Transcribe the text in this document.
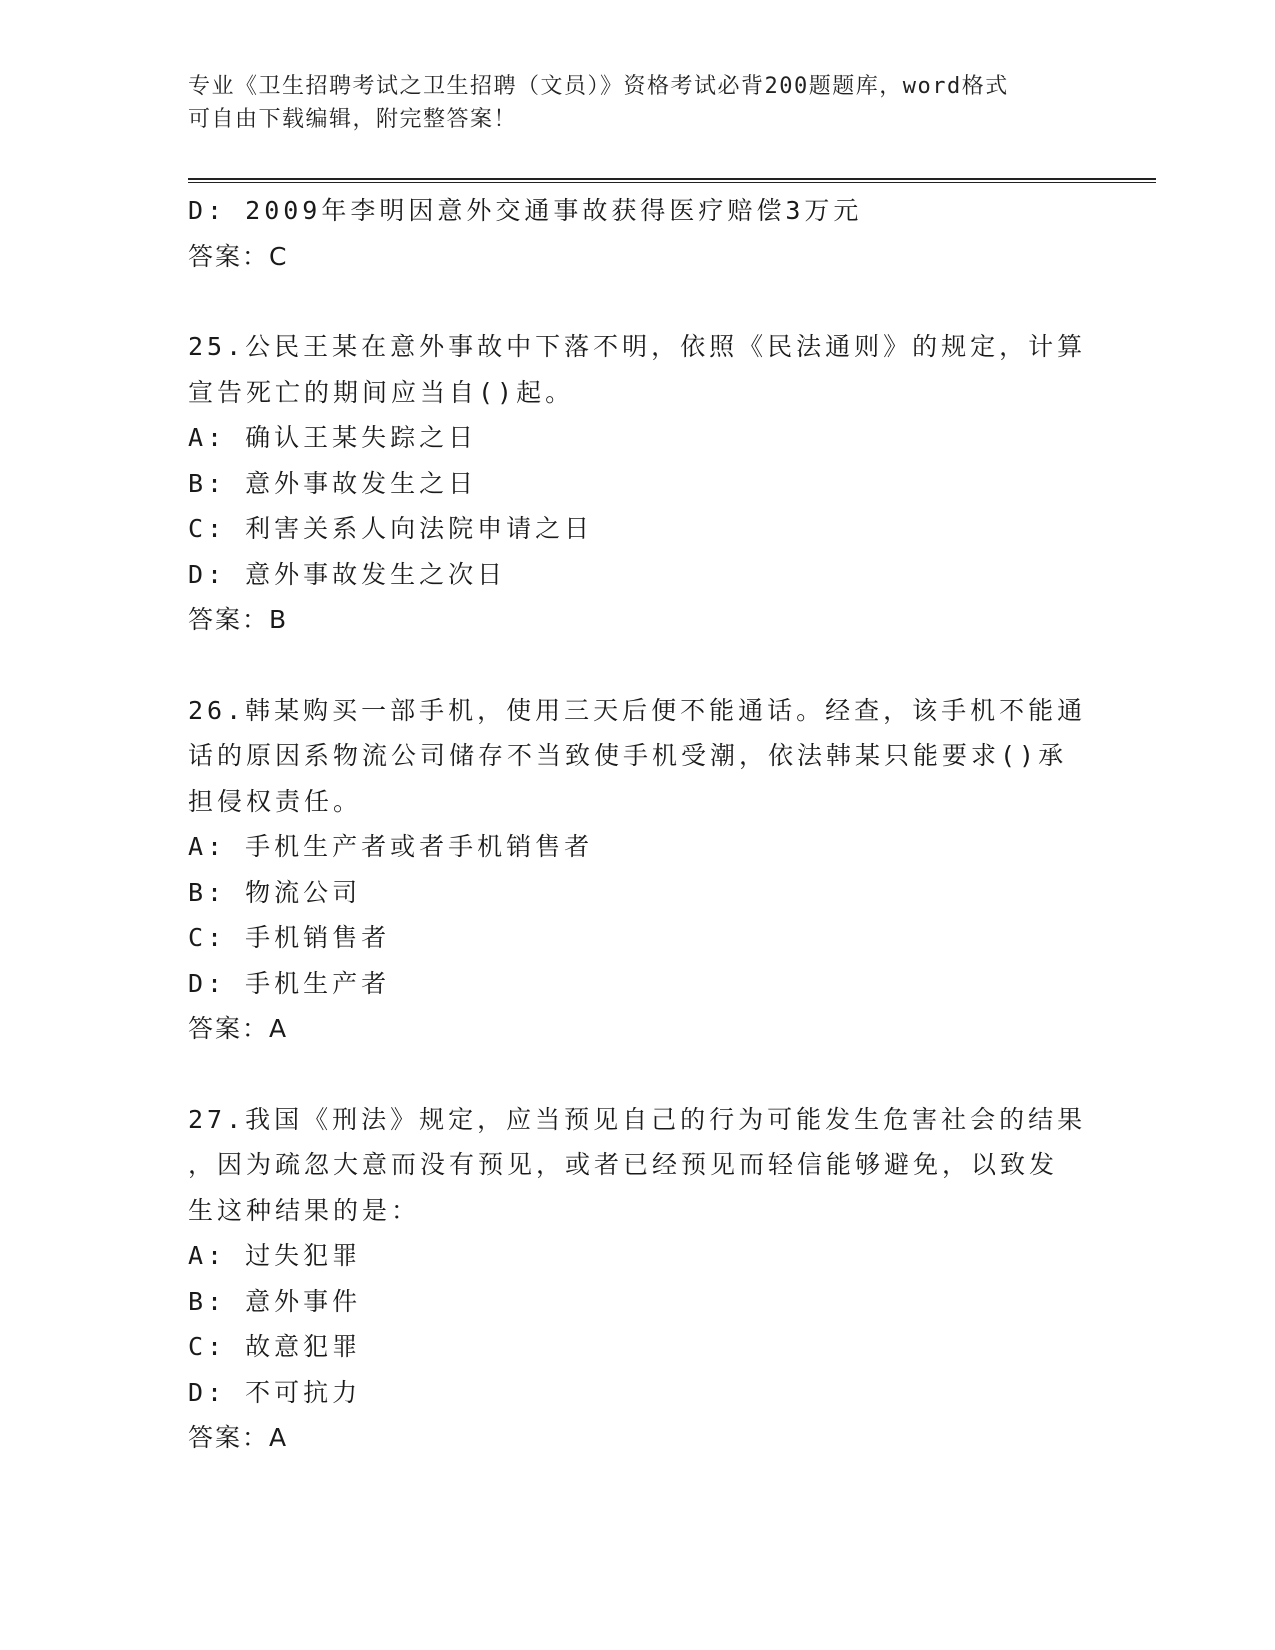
专业《卫生招聘考试之卫生招聘（文员）》资格考试必背200题题库，word格式
可自由下载编辑，附完整答案！
D: 2009年李明因意外交通事故获得医疗赔偿3万元
答案：C
25.公民王某在意外事故中下落不明，依照《民法通则》的规定，计算
宣告死亡的期间应当自()起。
A: 确认王某失踪之日
B: 意外事故发生之日
C: 利害关系人向法院申请之日
D: 意外事故发生之次日
答案：B
26.韩某购买一部手机，使用三天后便不能通话。经查，该手机不能通
话的原因系物流公司储存不当致使手机受潮，依法韩某只能要求()承
担侵权责任。
A: 手机生产者或者手机销售者
B: 物流公司
C: 手机销售者
D: 手机生产者
答案：A
27.我国《刑法》规定，应当预见自己的行为可能发生危害社会的结果
，因为疏忽大意而没有预见，或者已经预见而轻信能够避免，以致发
生这种结果的是：
A: 过失犯罪
B: 意外事件
C: 故意犯罪
D: 不可抗力
答案：A
